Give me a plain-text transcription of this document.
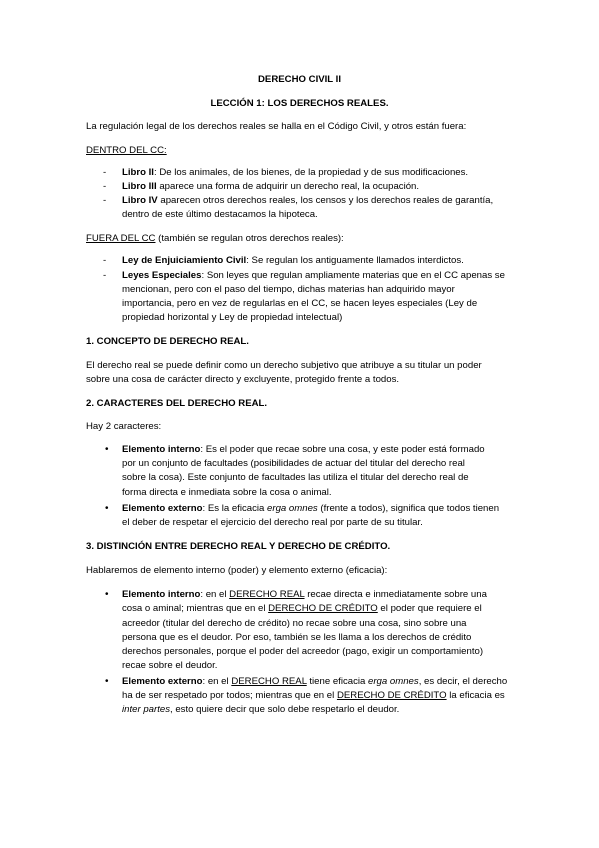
DERECHO CIVIL II
LECCIÓN 1: LOS DERECHOS REALES.
La regulación legal de los derechos reales se halla en el Código Civil, y otros están fuera:
DENTRO DEL CC:
-	Libro II: De los animales, de los bienes, de la propiedad y de sus modificaciones.
-	Libro III aparece una forma de adquirir un derecho real, la ocupación.
-	Libro IV aparecen otros derechos reales, los censos y los derechos reales de garantía,
dentro de este último destacamos la hipoteca.
FUERA DEL CC (también se regulan otros derechos reales):
-	Ley de Enjuiciamiento Civil: Se regulan los antiguamente llamados interdictos.
-	Leyes Especiales: Son leyes que regulan ampliamente materias que en el CC apenas se
mencionan, pero con el paso del tiempo, dichas materias han adquirido mayor
importancia, pero en vez de regularlas en el CC, se hacen leyes especiales (Ley de
propiedad horizontal y Ley de propiedad intelectual)
1. CONCEPTO DE DERECHO REAL.
El derecho real se puede definir como un derecho subjetivo que atribuye a su titular un poder
sobre una cosa de carácter directo y excluyente, protegido frente a todos.
2. CARACTERES DEL DERECHO REAL.
Hay 2 caracteres:
• Elemento interno: Es el poder que recae sobre una cosa, y este poder está formado
por un conjunto de facultades (posibilidades de actuar del titular del derecho real
sobre la cosa). Este conjunto de facultades las utiliza el titular del derecho real de
forma directa e inmediata sobre la cosa o animal.
• Elemento externo: Es la eficacia erga omnes (frente a todos), significa que todos tienen
el deber de respetar el ejercicio del derecho real por parte de su titular.
3. DISTINCIÓN ENTRE DERECHO REAL Y DERECHO DE CRÉDITO.
Hablaremos de elemento interno (poder) y elemento externo (eficacia):
• Elemento interno: en el DERECHO REAL recae directa e inmediatamente sobre una
cosa o aminal; mientras que en el DERECHO DE CRÉDITO el poder que requiere el
acreedor (titular del derecho de crédito) no recae sobre una cosa, sino sobre una
persona que es el deudor. Por eso, también se les llama a los derechos de crédito
derechos personales, porque el poder del acreedor (pago, exigir un comportamiento)
recae sobre el deudor.
• Elemento externo: en el DERECHO REAL tiene eficacia erga omnes, es decir, el derecho
ha de ser respetado por todos; mientras que en el DERECHO DE CRÉDITO la eficacia es
inter partes, esto quiere decir que solo debe respetarlo el deudor.
